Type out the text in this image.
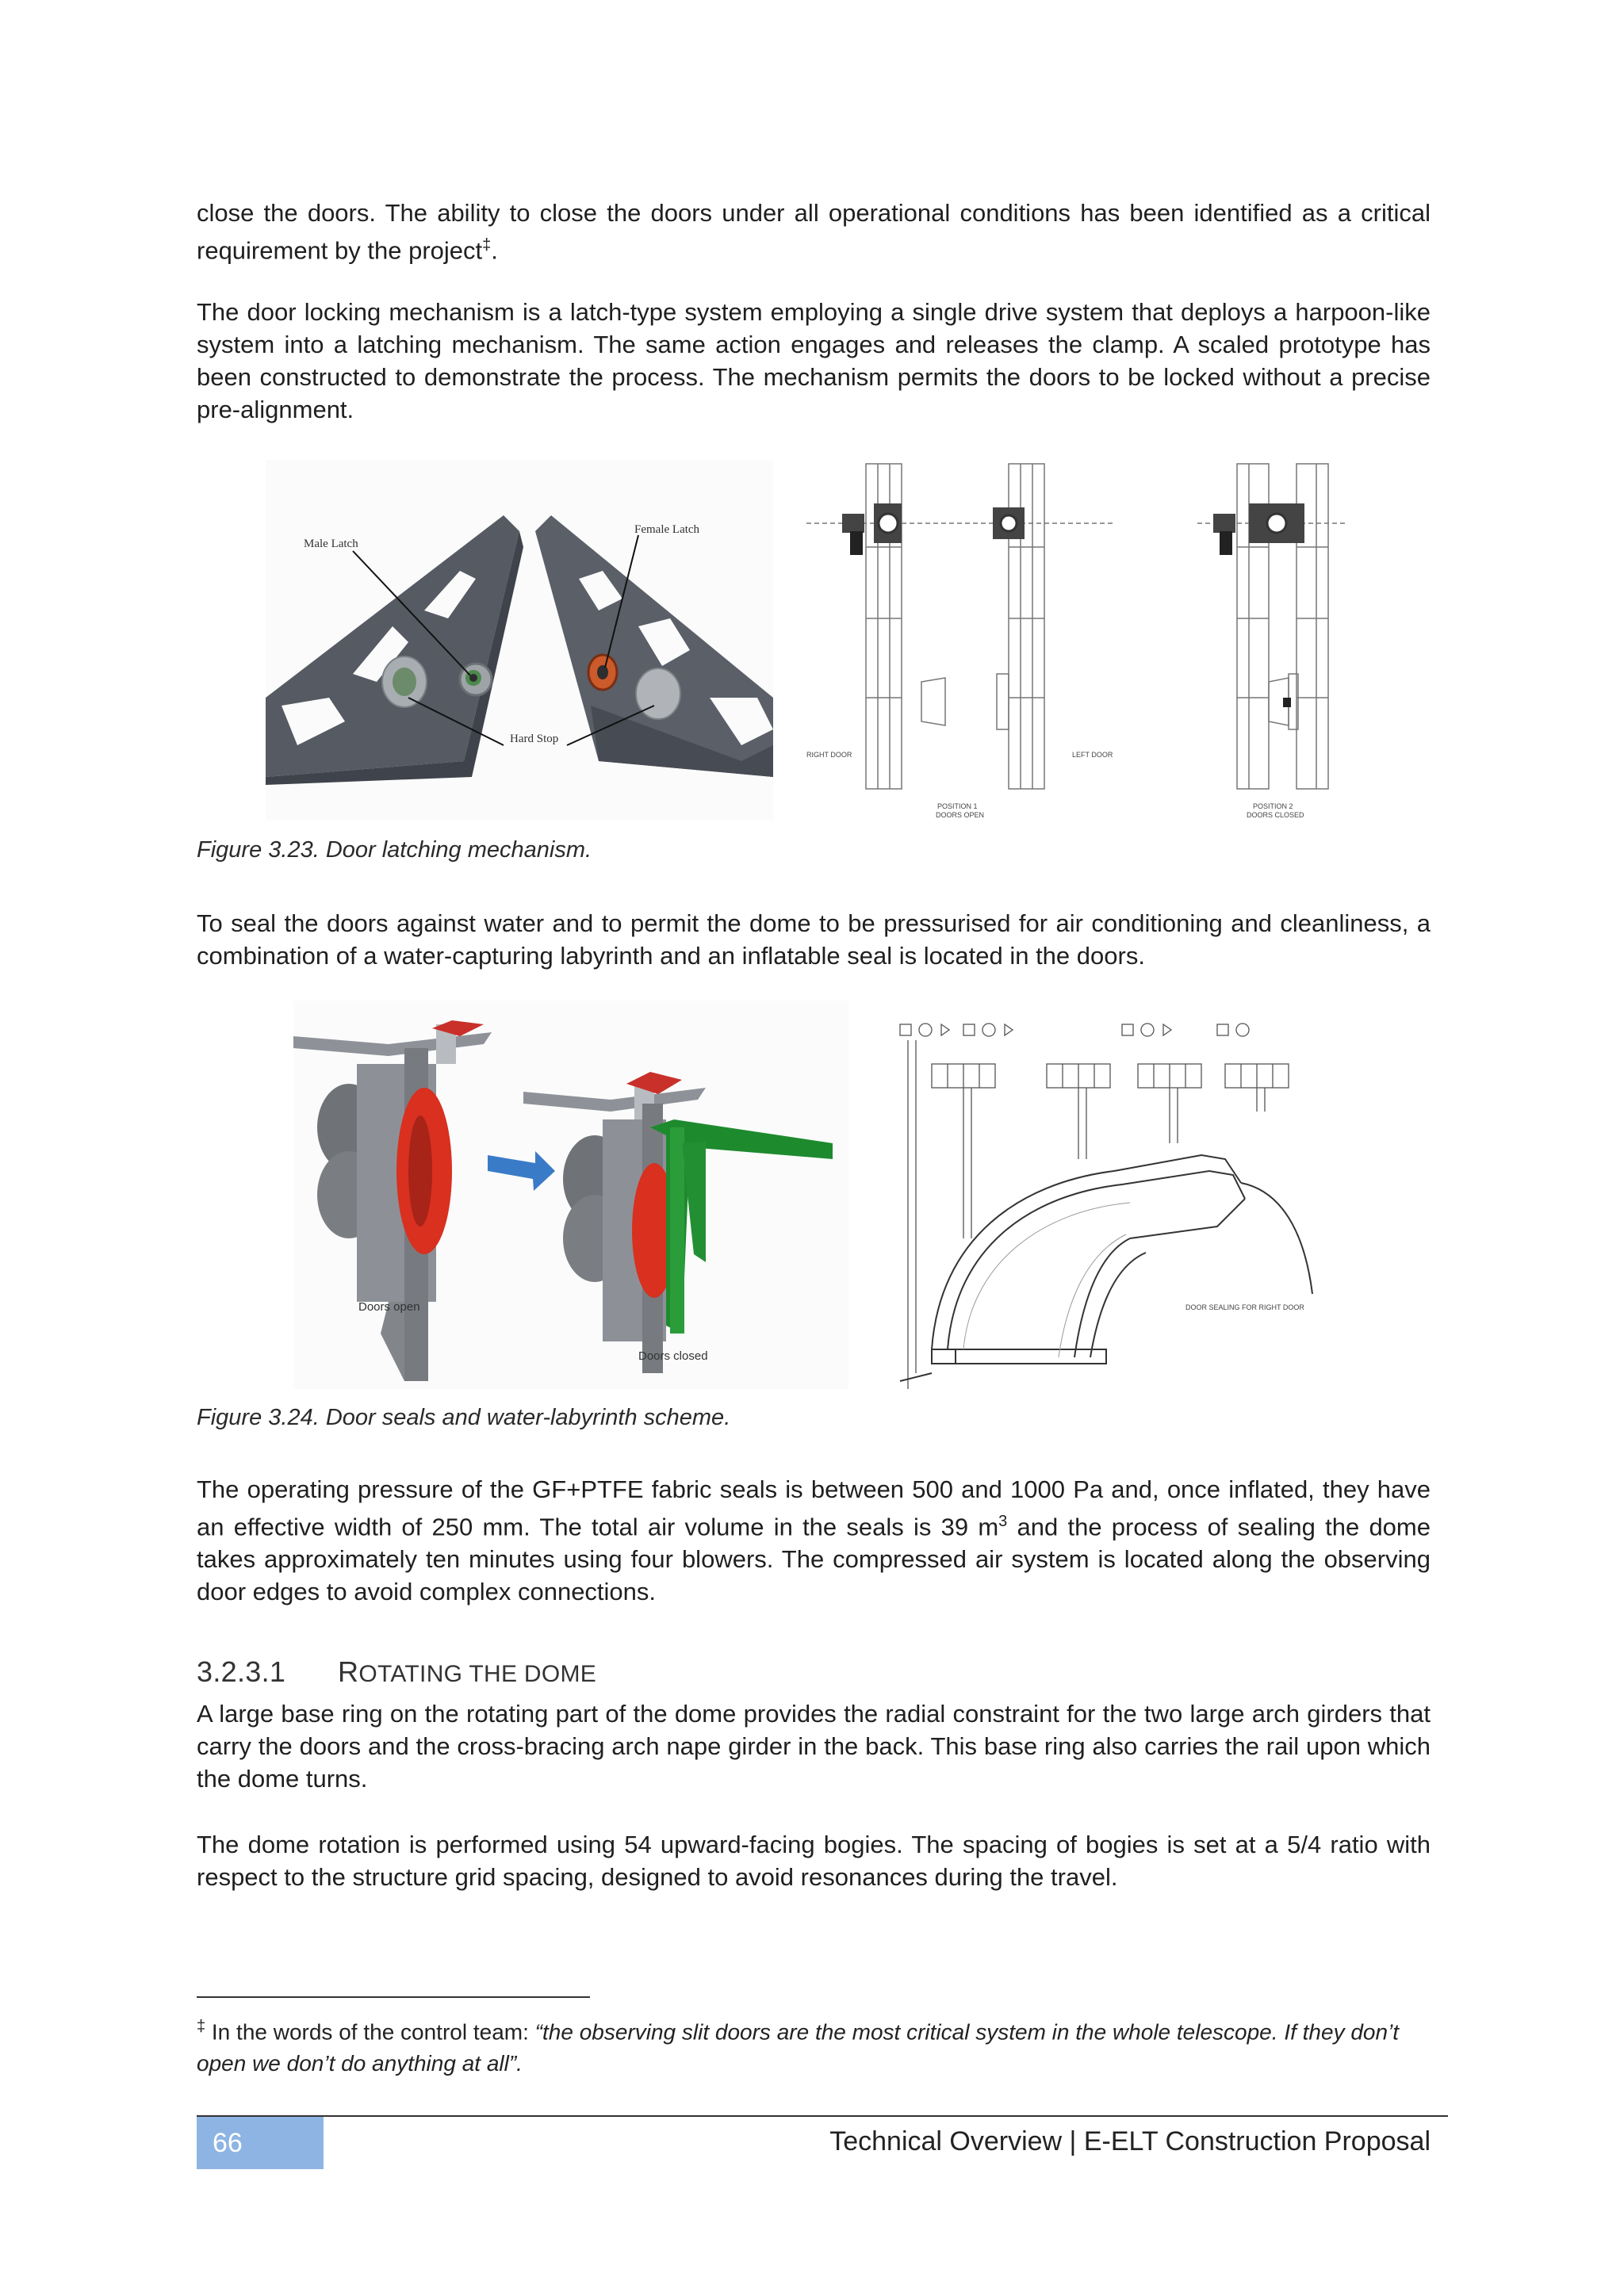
close the doors. The ability to close the doors under all operational conditions has been identified as a critical requirement by the project‡.

The door locking mechanism is a latch-type system employing a single drive system that deploys a harpoon-like system into a latching mechanism. The same action engages and releases the clamp. A scaled prototype has been constructed to demonstrate the process. The mechanism permits the doors to be locked without a precise pre-alignment.

Male Latch
Female Latch
Hard Stop
RIGHT DOOR	LEFT DOOR
POSITION 1
DOORS OPEN
POSITION 2
DOORS CLOSED
Figure 3.23. Door latching mechanism.

To seal the doors against water and to permit the dome to be pressurised for air conditioning and cleanliness, a combination of a water-capturing labyrinth and an inflatable seal is located in the doors.

Doors open
Doors closed
DOOR SEALING FOR RIGHT DOOR
Figure 3.24. Door seals and water-labyrinth scheme.

The operating pressure of the GF+PTFE fabric seals is between 500 and 1000 Pa and, once inflated, they have an effective width of 250 mm. The total air volume in the seals is 39 $m^3$ and the process of sealing the dome takes approximately ten minutes using four blowers. The compressed air system is located along the observing door edges to avoid complex connections.

3.2.3.1 ROTATING THE DOME

A large base ring on the rotating part of the dome provides the radial constraint for the two large arch girders that carry the doors and the cross-bracing arch nape girder in the back. This base ring also carries the rail upon which the dome turns.

The dome rotation is performed using 54 upward-facing bogies. The spacing of bogies is set at a 5/4 ratio with respect to the structure grid spacing, designed to avoid resonances during the travel.

‡ In the words of the control team: “the observing slit doors are the most critical system in the whole telescope. If they don’t open we don’t do anything at all”.
66	Technical Overview | E-ELT Construction Proposal
